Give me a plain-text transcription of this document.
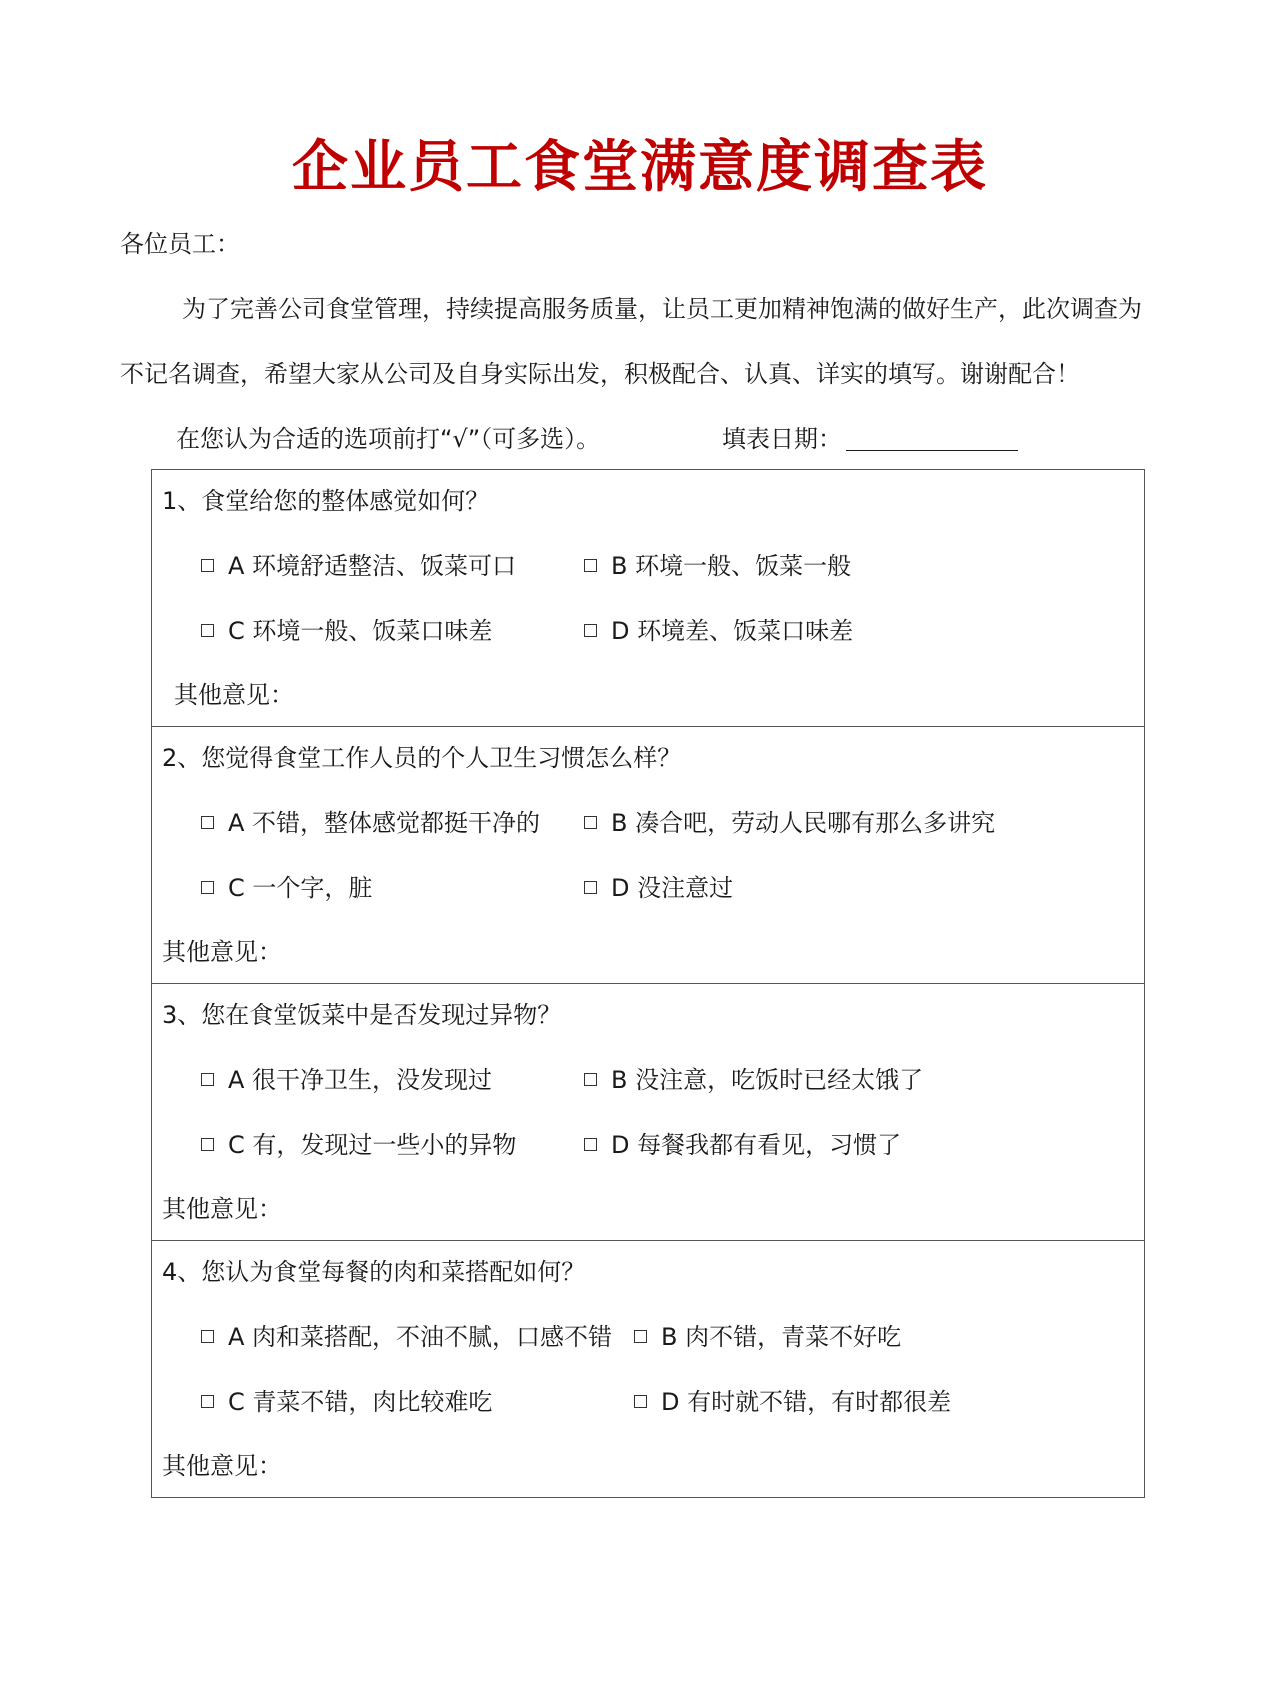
企业员工食堂满意度调查表
各位员工：
为了完善公司食堂管理，持续提高服务质量，让员工更加精神饱满的做好生产，此次调查为
不记名调查，希望大家从公司及自身实际出发，积极配合、认真、详实的填写。谢谢配合！
在您认为合适的选项前打“√”（可多选）。	填表日期：
1、食堂给您的整体感觉如何？
A 环境舒适整洁、饭菜可口	B 环境一般、饭菜一般
C 环境一般、饭菜口味差	D 环境差、饭菜口味差
其他意见：
2、您觉得食堂工作人员的个人卫生习惯怎么样？
A 不错，整体感觉都挺干净的	B 凑合吧，劳动人民哪有那么多讲究
C 一个字，脏	D 没注意过
其他意见：
3、您在食堂饭菜中是否发现过异物？
A 很干净卫生，没发现过	B 没注意，吃饭时已经太饿了
C 有，发现过一些小的异物	D 每餐我都有看见，习惯了
其他意见：
4、您认为食堂每餐的肉和菜搭配如何？
A 肉和菜搭配，不油不腻，口感不错	B 肉不错，青菜不好吃
C 青菜不错，肉比较难吃	D 有时就不错，有时都很差
其他意见：
